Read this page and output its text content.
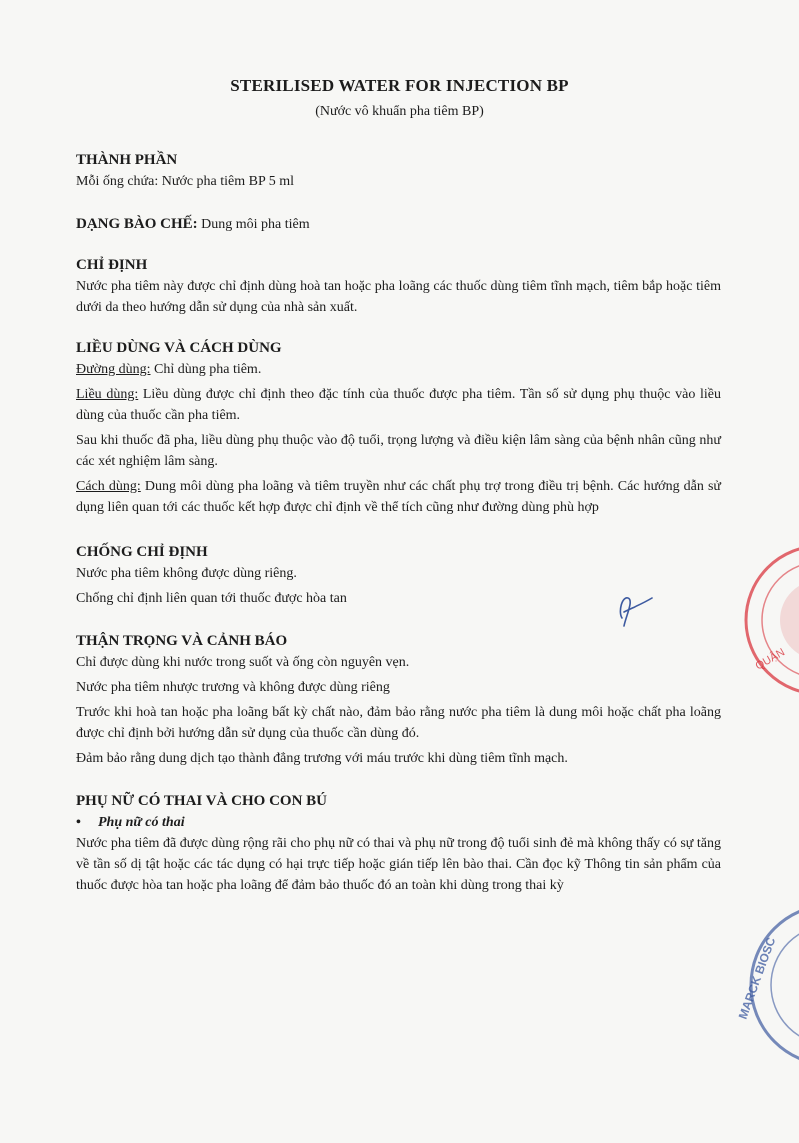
STERILISED WATER FOR INJECTION BP
(Nước vô khuẩn pha tiêm BP)

THÀNH PHẦN

Mỗi ống chứa: Nước pha tiêm BP 5 ml

DẠNG BÀO CHẾ: Dung môi pha tiêm

CHỈ ĐỊNH

Nước pha tiêm này được chỉ định dùng hoà tan hoặc pha loãng các thuốc dùng tiêm tĩnh mạch, tiêm bắp hoặc tiêm dưới da theo hướng dẫn sử dụng của nhà sản xuất.

LIỀU DÙNG VÀ CÁCH DÙNG

Đường dùng: Chỉ dùng pha tiêm.

Liều dùng: Liều dùng được chỉ định theo đặc tính của thuốc được pha tiêm. Tần số sử dụng phụ thuộc vào liều dùng của thuốc cần pha tiêm.

Sau khi thuốc đã pha, liều dùng phụ thuộc vào độ tuổi, trọng lượng và điều kiện lâm sàng của bệnh nhân cũng như các xét nghiệm lâm sàng.

Cách dùng: Dung môi dùng pha loãng và tiêm truyền như các chất phụ trợ trong điều trị bệnh. Các hướng dẫn sử dụng liên quan tới các thuốc kết hợp được chỉ định về thể tích cũng như đường dùng phù hợp

CHỐNG CHỈ ĐỊNH

Nước pha tiêm không được dùng riêng.

Chống chỉ định liên quan tới thuốc được hòa tan

THẬN TRỌNG VÀ CẢNH BÁO

Chỉ được dùng khi nước trong suốt và ống còn nguyên vẹn.

Nước pha tiêm nhược trương và không được dùng riêng

Trước khi hoà tan hoặc pha loãng bất kỳ chất nào, đảm bảo rằng nước pha tiêm là dung môi hoặc chất pha loãng được chỉ định bởi hướng dẫn sử dụng của thuốc cần dùng đó.

Đảm bảo rằng dung dịch tạo thành đẳng trương với máu trước khi dùng tiêm tĩnh mạch.

PHỤ NỮ CÓ THAI VÀ CHO CON BÚ

• Phụ nữ có thai

Nước pha tiêm đã được dùng rộng rãi cho phụ nữ có thai và phụ nữ trong độ tuổi sinh đẻ mà không thấy có sự tăng về tần số dị tật hoặc các tác dụng có hại trực tiếp hoặc gián tiếp lên bào thai. Cần đọc kỹ Thông tin sản phẩm của thuốc được hòa tan hoặc pha loãng để đảm bảo thuốc đó an toàn khi dùng trong thai kỳ

QUẬN
MARCK BIOSC
